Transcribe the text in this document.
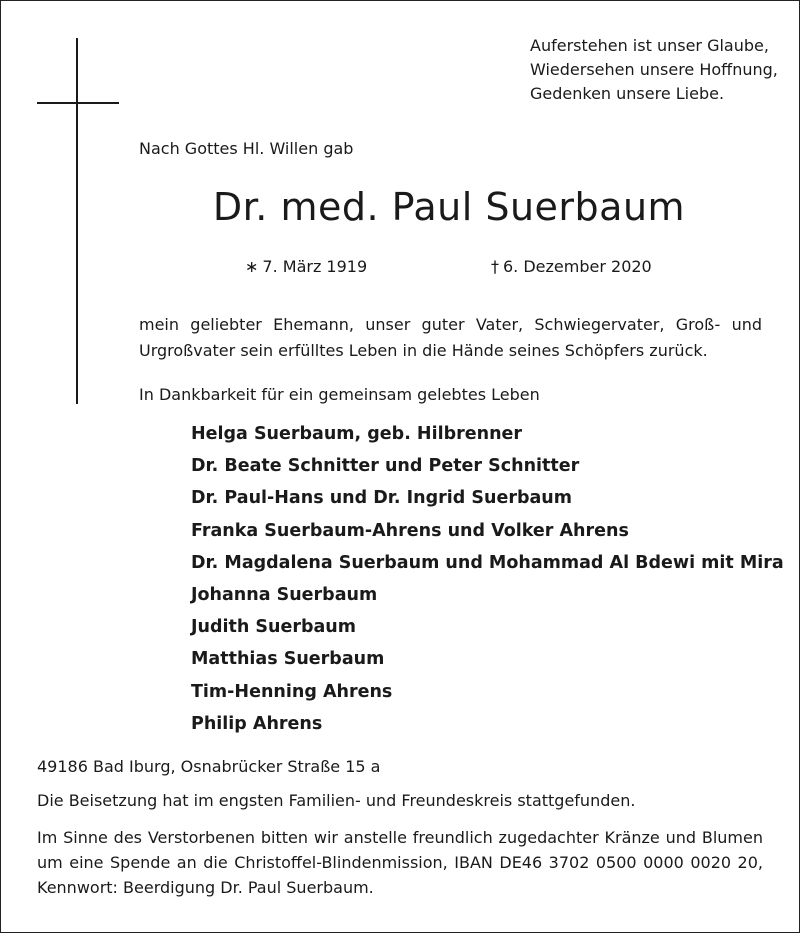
Auferstehen ist unser Glaube,
Wiedersehen unsere Hoffnung,
Gedenken unsere Liebe.
Nach Gottes Hl. Willen gab
Dr. med. Paul Suerbaum
∗ 7. März 1919	† 6. Dezember 2020
mein geliebter Ehemann, unser guter Vater, Schwiegervater, Groß- und Urgroßvater sein erfülltes Leben in die Hände seines Schöpfers zurück.
In Dankbarkeit für ein gemeinsam gelebtes Leben
Helga Suerbaum, geb. Hilbrenner
Dr. Beate Schnitter und Peter Schnitter
Dr. Paul-Hans und Dr. Ingrid Suerbaum
Franka Suerbaum-Ahrens und Volker Ahrens
Dr. Magdalena Suerbaum und Mohammad Al Bdewi mit Mira
Johanna Suerbaum
Judith Suerbaum
Matthias Suerbaum
Tim-Henning Ahrens
Philip Ahrens
49186 Bad Iburg, Osnabrücker Straße 15 a
Die Beisetzung hat im engsten Familien- und Freundeskreis stattgefunden.
Im Sinne des Verstorbenen bitten wir anstelle freundlich zugedachter Kränze und Blumen um eine Spende an die Christoffel-Blindenmission, IBAN DE46 3702 0500 0000 0020 20, Kennwort: Beerdigung Dr. Paul Suerbaum.
